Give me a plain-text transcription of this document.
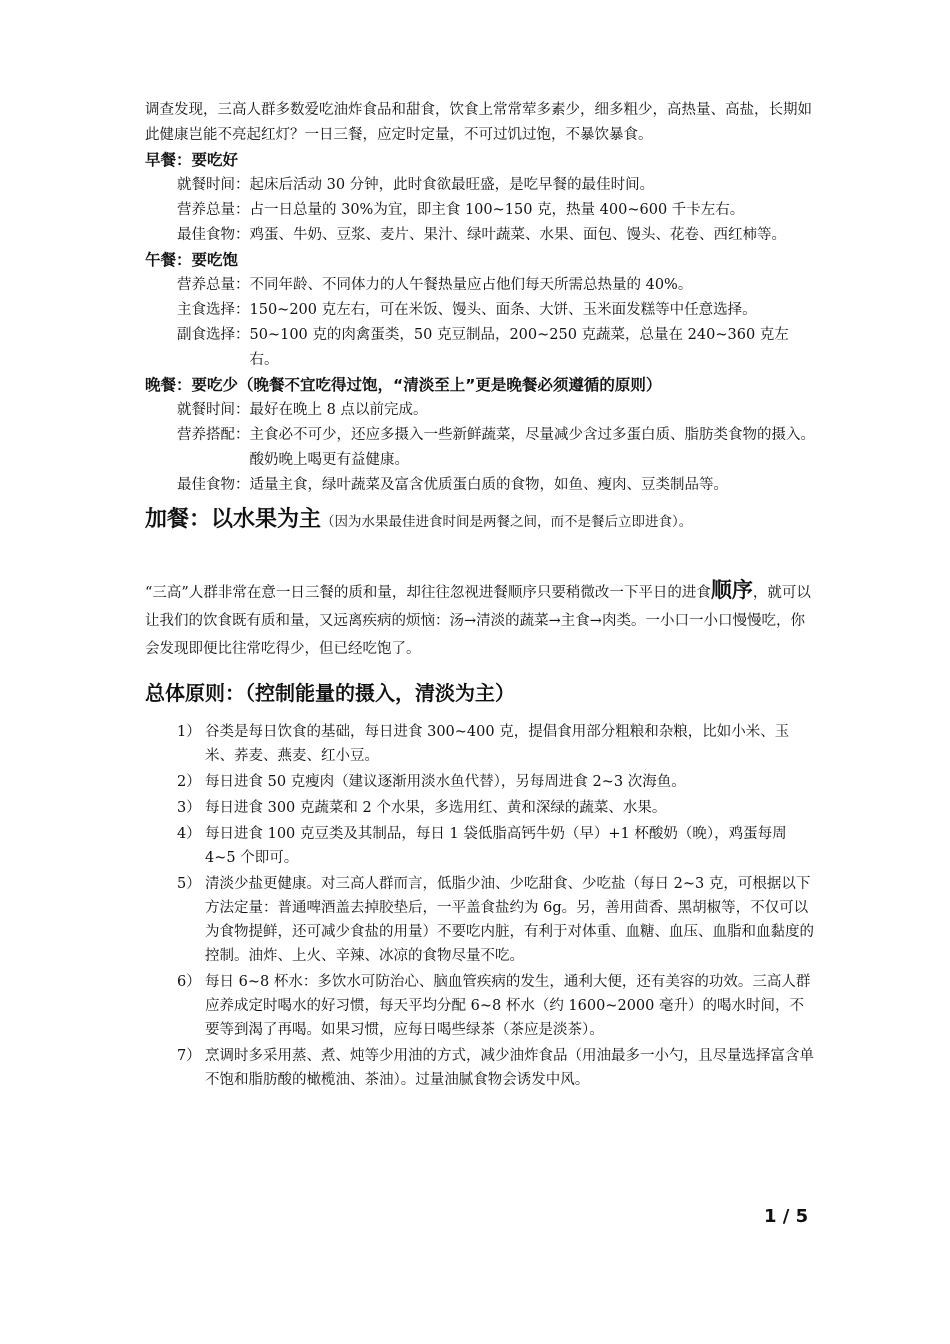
调查发现，三高人群多数爱吃油炸食品和甜食，饮食上常常荤多素少，细多粗少，高热量、高盐，长期如此健康岂能不亮起红灯？一日三餐，应定时定量，不可过饥过饱，不暴饮暴食。

早餐：要吃好

就餐时间： 起床后活动 30 分钟，此时食欲最旺盛，是吃早餐的最佳时间。
营养总量： 占一日总量的 30%为宜，即主食 100~150 克，热量 400~600 千卡左右。
最佳食物： 鸡蛋、牛奶、豆浆、麦片、果汁、绿叶蔬菜、水果、面包、馒头、花卷、西红柿等。

午餐：要吃饱

营养总量： 不同年龄、不同体力的人午餐热量应占他们每天所需总热量的 40%。
主食选择： 150~200 克左右，可在米饭、馒头、面条、大饼、玉米面发糕等中任意选择。
副食选择： 50~100 克的肉禽蛋类，50 克豆制品，200~250 克蔬菜，总量在 240~360 克左右。

晚餐：要吃少（晚餐不宜吃得过饱，“清淡至上”更是晚餐必须遵循的原则）

就餐时间： 最好在晚上 8 点以前完成。
营养搭配： 主食必不可少，还应多摄入一些新鲜蔬菜，尽量减少含过多蛋白质、脂肪类食物的摄入。酸奶晚上喝更有益健康。
最佳食物： 适量主食，绿叶蔬菜及富含优质蛋白质的食物，如鱼、瘦肉、豆类制品等。

加餐：以水果为主（因为水果最佳进食时间是两餐之间，而不是餐后立即进食）。

“三高”人群非常在意一日三餐的质和量，却往往忽视进餐顺序只要稍微改一下平日的进食顺序，就可以让我们的饮食既有质和量，又远离疾病的烦恼：汤→清淡的蔬菜→主食→肉类。一小口一小口慢慢吃，你会发现即便比往常吃得少，但已经吃饱了。

总体原则：（控制能量的摄入，清淡为主）

1） 谷类是每日饮食的基础，每日进食 300~400 克，提倡食用部分粗粮和杂粮，比如小米、玉米、荞麦、燕麦、红小豆。
2） 每日进食 50 克瘦肉（建议逐渐用淡水鱼代替），另每周进食 2~3 次海鱼。
3） 每日进食 300 克蔬菜和 2 个水果，多选用红、黄和深绿的蔬菜、水果。
4） 每日进食 100 克豆类及其制品，每日 1 袋低脂高钙牛奶（早）+1 杯酸奶（晚），鸡蛋每周 4~5 个即可。
5） 清淡少盐更健康。对三高人群而言，低脂少油、少吃甜食、少吃盐（每日 2~3 克，可根据以下方法定量：普通啤酒盖去掉胶垫后，一平盖食盐约为 6g。另，善用茴香、黑胡椒等，不仅可以为食物提鲜，还可减少食盐的用量）不要吃内脏，有利于对体重、血糖、血压、血脂和血黏度的控制。油炸、上火、辛辣、冰凉的食物尽量不吃。
6） 每日 6~8 杯水：多饮水可防治心、脑血管疾病的发生，通利大便，还有美容的功效。三高人群应养成定时喝水的好习惯，每天平均分配 6~8 杯水（约 1600~2000 毫升）的喝水时间，不要等到渴了再喝。如果习惯，应每日喝些绿茶（茶应是淡茶）。
7） 烹调时多采用蒸、煮、炖等少用油的方式，减少油炸食品（用油最多一小勺，且尽量选择富含单不饱和脂肪酸的橄榄油、茶油）。过量油腻食物会诱发中风。
1 / 5
